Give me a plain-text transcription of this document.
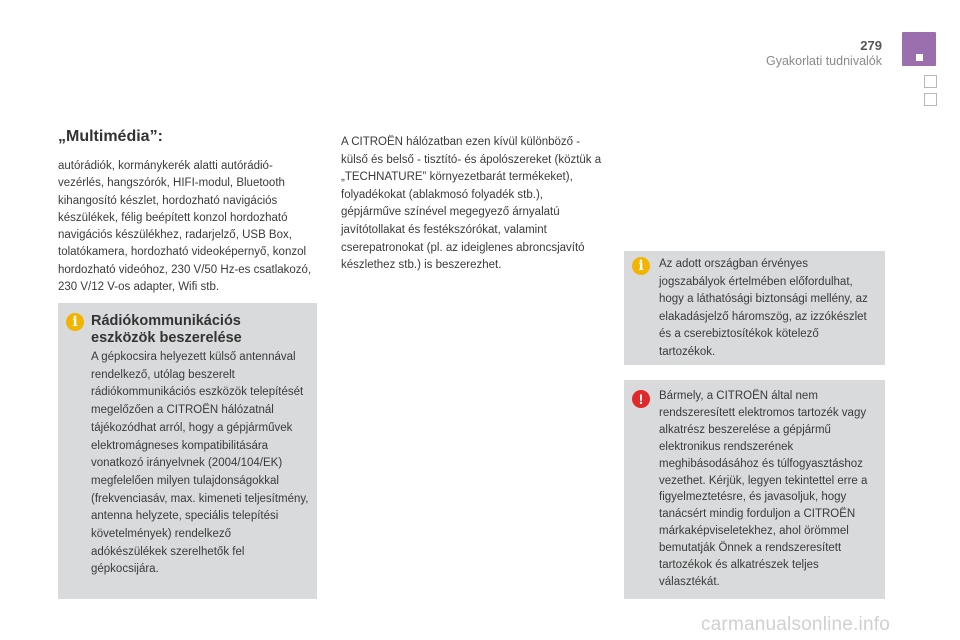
279
Gyakorlati tudnivalók
„Multimédia”:

autórádiók, kormánykerék alatti autórádió-vezérlés, hangszórók, HIFI-modul, Bluetooth kihangosító készlet, hordozható navigációs készülékek, félig beépített konzol hordozható navigációs készülékhez, radarjelző, USB Box, tolatókamera, hordozható videoképernyő, konzol hordozható videóhoz, 230 V/50 Hz-es csatlakozó, 230 V/12 V-os adapter, Wifi stb.

i Rádiókommunikációs eszközök beszerelése

A gépkocsira helyezett külső antennával rendelkező, utólag beszerelt rádiókommunikációs eszközök telepítését megelőzően a CITROËN hálózatnál tájékozódhat arról, hogy a gépjárművek elektromágneses kompatibilitására vonatkozó irányelvnek (2004/104/EK) megfelelően milyen tulajdonságokkal (frekvenciasáv, max. kimeneti teljesítmény, antenna helyzete, speciális telepítési követelmények) rendelkező adókészülékek szerelhetők fel gépkocsijára.

A CITROËN hálózatban ezen kívül különböző - külső és belső - tisztító- és ápolószereket (köztük a „TECHNATURE” környezetbarát termékeket), folyadékokat (ablakmosó folyadék stb.), gépjárműve színével megegyező árnyalatú javítótollakat és festékszórókat, valamint cserepatronokat (pl. az ideiglenes abroncsjavító készlethez stb.) is beszerezhet.	i	Az adott országban érvényes jogszabályok értelmében előfordulhat, hogy a láthatósági biztonsági mellény, az elakadásjelző háromszög, az izzókészlet és a cserebiztosítékok kötelező tartozékok.

!	Bármely, a CITROËN által nem rendszeresített elektromos tartozék vagy alkatrész beszerelése a gépjármű elektronikus rendszerének meghibásodásához és túlfogyasztáshoz vezethet. Kérjük, legyen tekintettel erre a figyelmeztetésre, és javasoljuk, hogy tanácsért mindig forduljon a CITROËN márkaképviseletekhez, ahol örömmel bemutatják Önnek a rendszeresített tartozékok és alkatrészek teljes választékát.

carmanualsonline.info
